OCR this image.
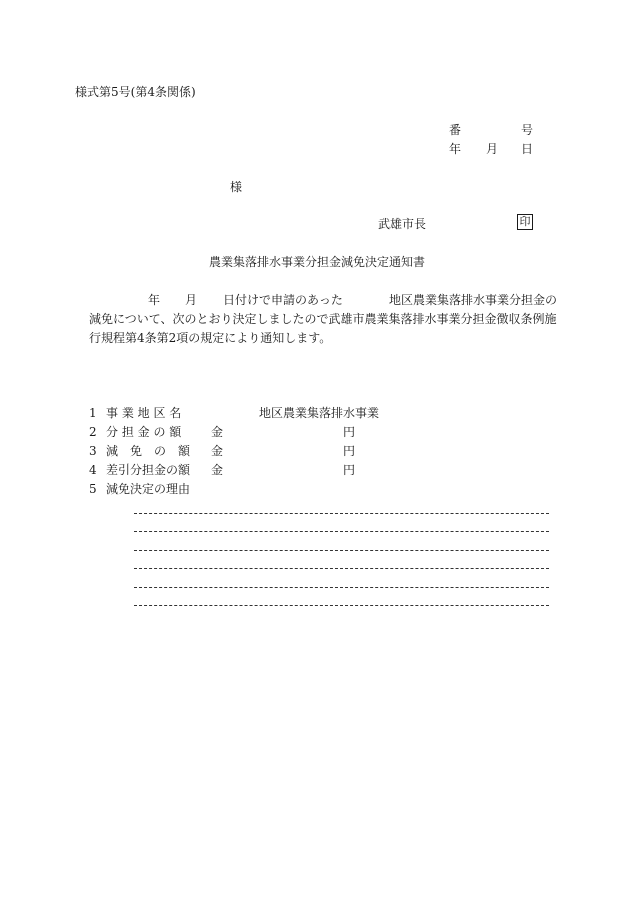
様式第5号(第4条関係)
番	号
年 月 日
様
武雄市長	印
農業集落排水事業分担金減免決定通知書
年 月 日付けで申請のあった	地区農業集落排水事業分担金の
減免について、次のとおり決定しましたので武雄市農業集落排水事業分担金徴収条例施
行規程第4条第2項の規定により通知します。
1 事 業 地 区 名	地区農業集落排水事業
2 分 担 金 の 額 金	円
3 減　免　の　額 金	円
4 差引分担金の額 金	円
5 減免決定の理由
